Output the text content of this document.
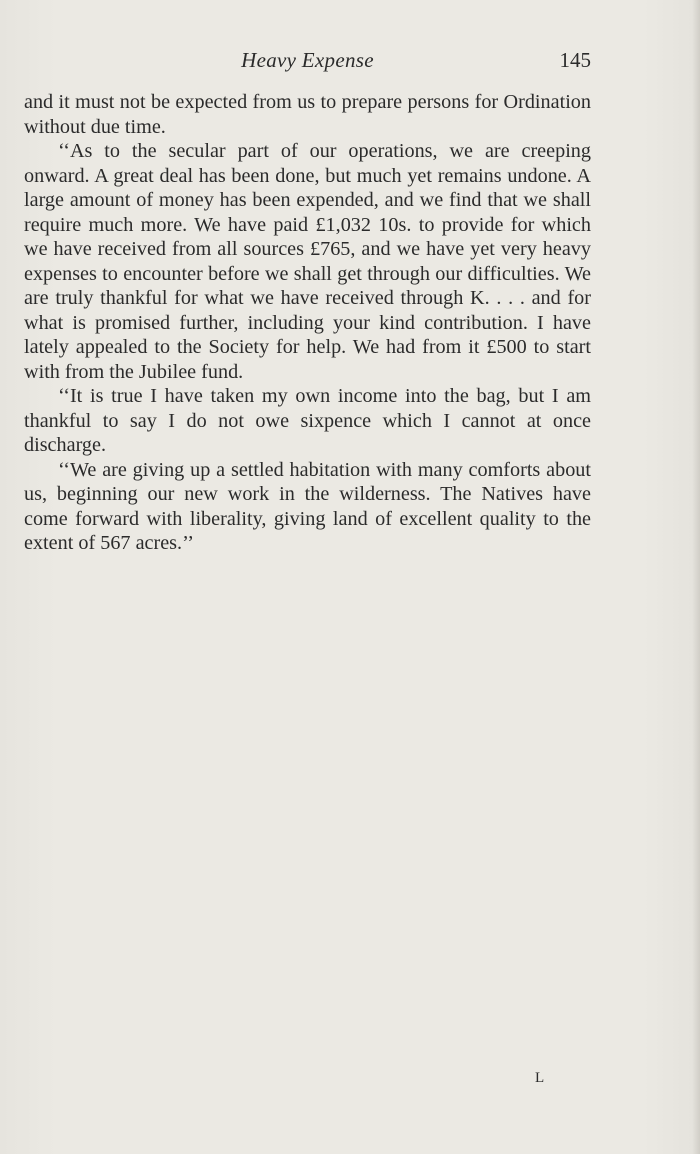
Heavy Expense	145

and it must not be expected from us to prepare persons for Ordination without due time.

‘‘As to the secular part of our operations, we are creeping onward. A great deal has been done, but much yet remains undone. A large amount of money has been expended, and we find that we shall require much more. We have paid £1,032 10s. to provide for which we have received from all sources £765, and we have yet very heavy expenses to encounter before we shall get through our difficulties. We are truly thankful for what we have received through K. . . . and for what is promised further, including your kind contribution. I have lately appealed to the Society for help. We had from it £500 to start with from the Jubilee fund.

‘‘It is true I have taken my own income into the bag, but I am thankful to say I do not owe sixpence which I cannot at once discharge.

‘‘We are giving up a settled habitation with many comforts about us, beginning our new work in the wilderness. The Natives have come forward with liberality, giving land of excellent quality to the extent of 567 acres.’’

L
